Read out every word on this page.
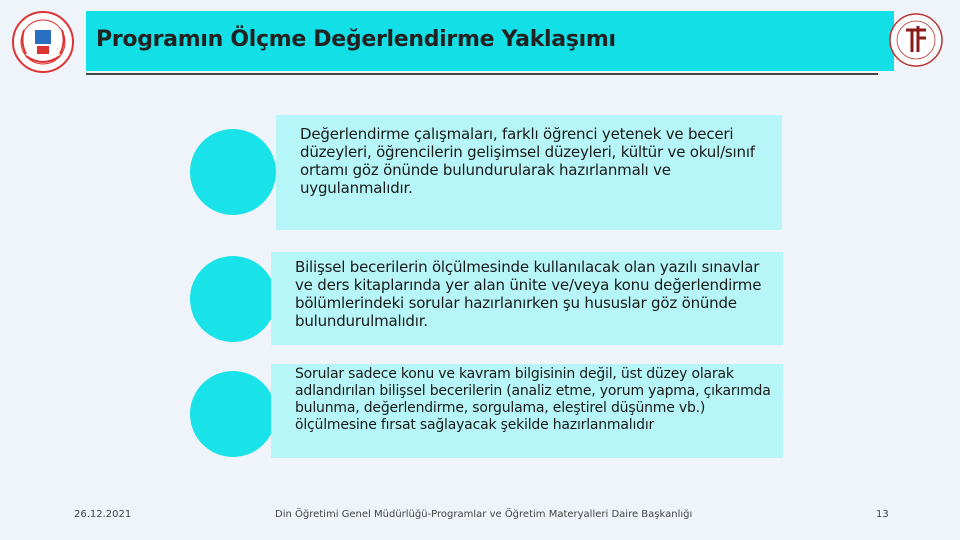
Programın Ölçme Değerlendirme Yaklaşımı
Değerlendirme çalışmaları, farklı öğrenci yetenek ve beceri düzeyleri, öğrencilerin gelişimsel düzeyleri, kültür ve okul/sınıf ortamı göz önünde bulundurularak hazırlanmalı ve uygulanmalıdır.
Bilişsel becerilerin ölçülmesinde kullanılacak olan yazılı sınavlar ve ders kitaplarında yer alan ünite ve/veya konu değerlendirme bölümlerindeki sorular hazırlanırken şu hususlar göz önünde bulundurulmalıdır.
Sorular sadece konu ve kavram bilgisinin değil, üst düzey olarak adlandırılan bilişsel becerilerin (analiz etme, yorum yapma, çıkarımda bulunma, değerlendirme, sorgulama, eleştirel düşünme vb.) ölçülmesine fırsat sağlayacak şekilde hazırlanmalıdır
26.12.2021	Din Öğretimi Genel Müdürlüğü-Programlar ve Öğretim Materyalleri Daire Başkanlığı	13
